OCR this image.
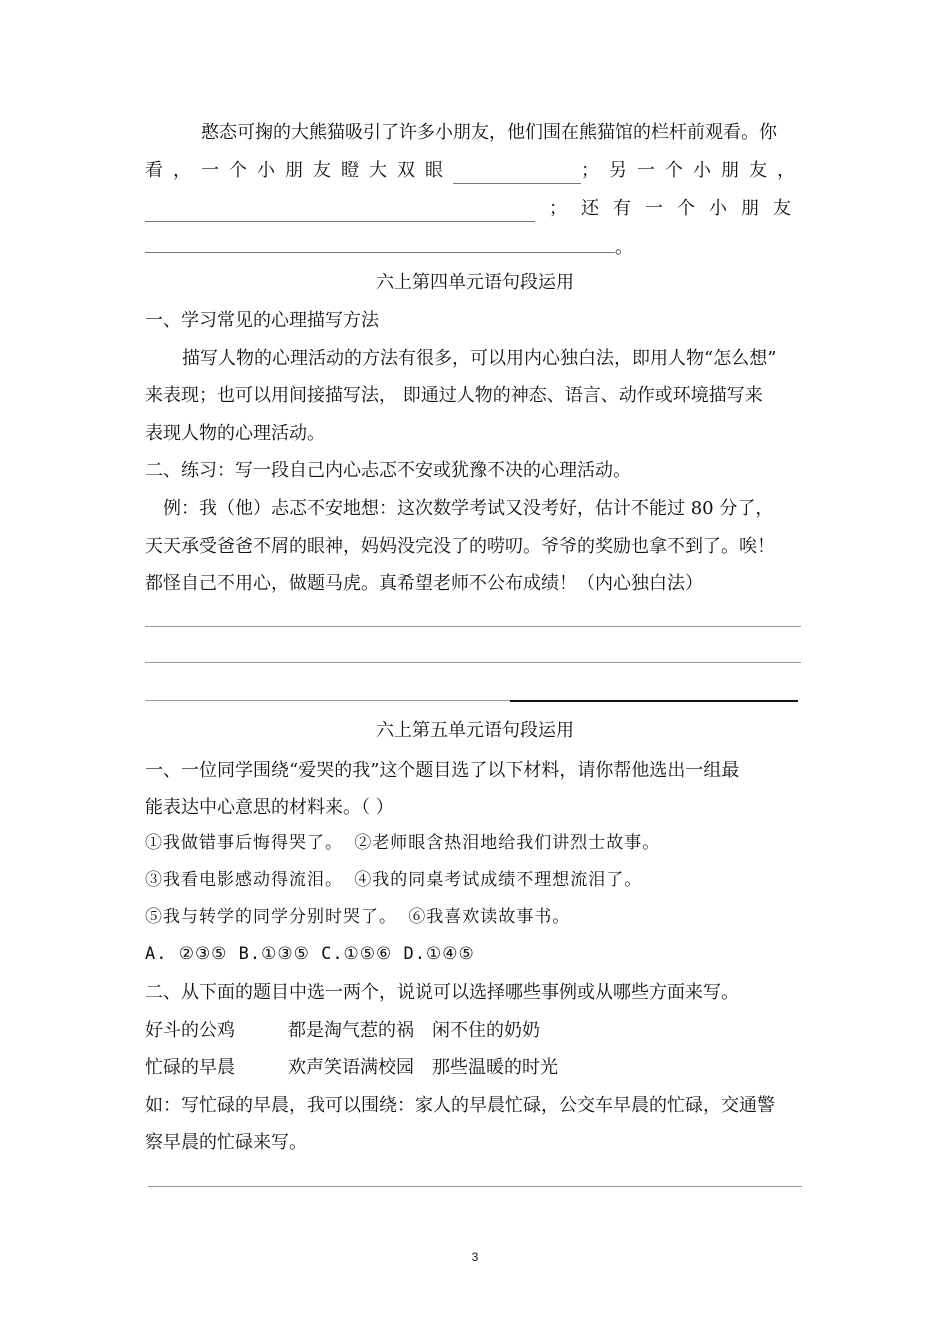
憨态可掬的大熊猫吸引了许多小朋友，他们围在熊猫馆的栏杆前观看。你
看，一个小朋友瞪大双眼	；另一个小朋友，
；还有一个小朋友
。
六上第四单元语句段运用
一、学习常见的心理描写方法
描写人物的心理活动的方法有很多，可以用内心独白法，即用人物“怎么想”
来表现；也可以用间接描写法， 即通过人物的神态、语言、动作或环境描写来
表现人物的心理活动。
二、练习：写一段自己内心忐忑不安或犹豫不决的心理活动。
例：我（他）忐忑不安地想：这次数学考试又没考好，估计不能过 80 分了，
天天承受爸爸不屑的眼神，妈妈没完没了的唠叨。爷爷的奖励也拿不到了。唉！
都怪自己不用心，做题马虎。真希望老师不公布成绩！（内心独白法）
六上第五单元语句段运用
一、一位同学围绕“爱哭的我”这个题目选了以下材料，请你帮他选出一组最
能表达中心意思的材料来。（ ）
①我做错事后悔得哭了。 ②老师眼含热泪地给我们讲烈士故事。
③我看电影感动得流泪。 ④我的同桌考试成绩不理想流泪了。
⑤我与转学的同学分别时哭了。 ⑥我喜欢读故事书。
A. ②③⑤ B.①③⑤ C.①⑤⑥ D.①④⑤
二、从下面的题目中选一两个，说说可以选择哪些事例或从哪些方面来写。
好斗的公鸡	都是淘气惹的祸 闲不住的奶奶
忙碌的早晨	欢声笑语满校园 那些温暖的时光
如：写忙碌的早晨，我可以围绕：家人的早晨忙碌，公交车早晨的忙碌，交通警
察早晨的忙碌来写。
3
